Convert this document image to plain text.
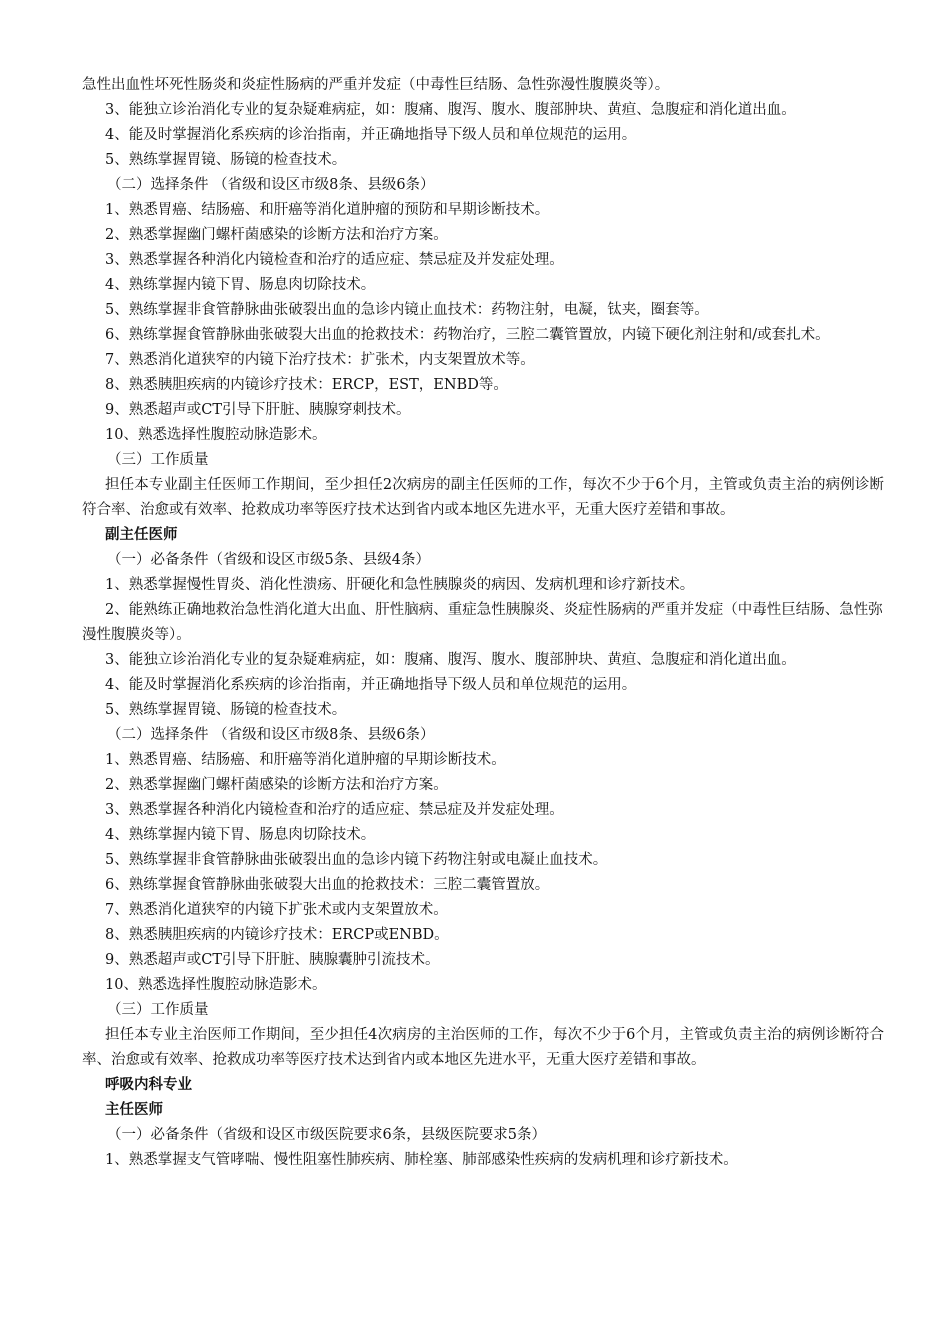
急性出血性坏死性肠炎和炎症性肠病的严重并发症（中毒性巨结肠、急性弥漫性腹膜炎等）。

3、能独立诊治消化专业的复杂疑难病症，如：腹痛、腹泻、腹水、腹部肿块、黄疸、急腹症和消化道出血。

4、能及时掌握消化系疾病的诊治指南，并正确地指导下级人员和单位规范的运用。

5、熟练掌握胃镜、肠镜的检查技术。

（二）选择条件 （省级和设区市级8条、县级6条）

1、熟悉胃癌、结肠癌、和肝癌等消化道肿瘤的预防和早期诊断技术。

2、熟悉掌握幽门螺杆菌感染的诊断方法和治疗方案。

3、熟悉掌握各种消化内镜检查和治疗的适应症、禁忌症及并发症处理。

4、熟练掌握内镜下胃、肠息肉切除技术。

5、熟练掌握非食管静脉曲张破裂出血的急诊内镜止血技术：药物注射，电凝，钛夹，圈套等。

6、熟练掌握食管静脉曲张破裂大出血的抢救技术：药物治疗，三腔二囊管置放，内镜下硬化剂注射和/或套扎术。

7、熟悉消化道狭窄的内镜下治疗技术：扩张术，内支架置放术等。

8、熟悉胰胆疾病的内镜诊疗技术：ERCP，EST，ENBD等。

9、熟悉超声或CT引导下肝脏、胰腺穿刺技术。

10、熟悉选择性腹腔动脉造影术。

（三）工作质量

担任本专业副主任医师工作期间，至少担任2次病房的副主任医师的工作，每次不少于6个月，主管或负责主治的病例诊断符合率、治愈或有效率、抢救成功率等医疗技术达到省内或本地区先进水平，无重大医疗差错和事故。

副主任医师

（一）必备条件（省级和设区市级5条、县级4条）

1、熟悉掌握慢性胃炎、消化性溃疡、肝硬化和急性胰腺炎的病因、发病机理和诊疗新技术。

2、能熟练正确地救治急性消化道大出血、肝性脑病、重症急性胰腺炎、炎症性肠病的严重并发症（中毒性巨结肠、急性弥漫性腹膜炎等）。

3、能独立诊治消化专业的复杂疑难病症，如：腹痛、腹泻、腹水、腹部肿块、黄疸、急腹症和消化道出血。

4、能及时掌握消化系疾病的诊治指南，并正确地指导下级人员和单位规范的运用。

5、熟练掌握胃镜、肠镜的检查技术。

（二）选择条件 （省级和设区市级8条、县级6条）

1、熟悉胃癌、结肠癌、和肝癌等消化道肿瘤的早期诊断技术。

2、熟悉掌握幽门螺杆菌感染的诊断方法和治疗方案。

3、熟悉掌握各种消化内镜检查和治疗的适应症、禁忌症及并发症处理。

4、熟练掌握内镜下胃、肠息肉切除技术。

5、熟练掌握非食管静脉曲张破裂出血的急诊内镜下药物注射或电凝止血技术。

6、熟练掌握食管静脉曲张破裂大出血的抢救技术：三腔二囊管置放。

7、熟悉消化道狭窄的内镜下扩张术或内支架置放术。

8、熟悉胰胆疾病的内镜诊疗技术：ERCP或ENBD。

9、熟悉超声或CT引导下肝脏、胰腺囊肿引流技术。

10、熟悉选择性腹腔动脉造影术。

（三）工作质量

担任本专业主治医师工作期间，至少担任4次病房的主治医师的工作，每次不少于6个月，主管或负责主治的病例诊断符合率、治愈或有效率、抢救成功率等医疗技术达到省内或本地区先进水平，无重大医疗差错和事故。

呼吸内科专业

主任医师

（一）必备条件（省级和设区市级医院要求6条，县级医院要求5条）

1、熟悉掌握支气管哮喘、慢性阻塞性肺疾病、肺栓塞、肺部感染性疾病的发病机理和诊疗新技术。
